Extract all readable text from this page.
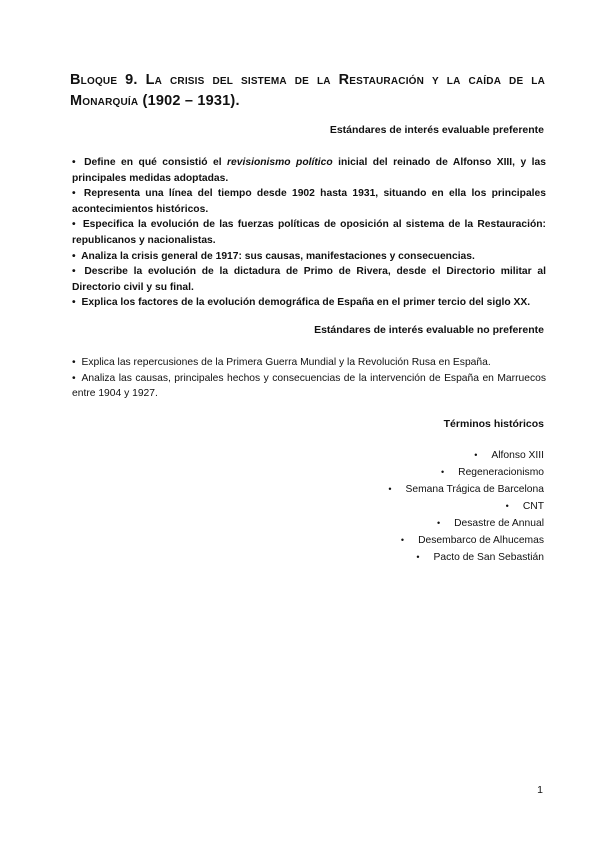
Bloque 9. La crisis del sistema de la Restauración y la caída de la
Monarquía (1902 – 1931).
Estándares de interés evaluable preferente
• Define en qué consistió el revisionismo político inicial del reinado de Alfonso XIII, y las principales medidas adoptadas.
• Representa una línea del tiempo desde 1902 hasta 1931, situando en ella los principales acontecimientos históricos.
• Especifica la evolución de las fuerzas políticas de oposición al sistema de la Restauración: republicanos y nacionalistas.
• Analiza la crisis general de 1917: sus causas, manifestaciones y consecuencias.
• Describe la evolución de la dictadura de Primo de Rivera, desde el Directorio militar al Directorio civil y su final.
• Explica los factores de la evolución demográfica de España en el primer tercio del siglo XX.
Estándares de interés evaluable no preferente
• Explica las repercusiones de la Primera Guerra Mundial y la Revolución Rusa en España.
• Analiza las causas, principales hechos y consecuencias de la intervención de España en Marruecos entre 1904 y 1927.
Términos históricos
• Alfonso XIII
• Regeneracionismo
• Semana Trágica de Barcelona
• CNT
• Desastre de Annual
• Desembarco de Alhucemas
• Pacto de San Sebastián
1
